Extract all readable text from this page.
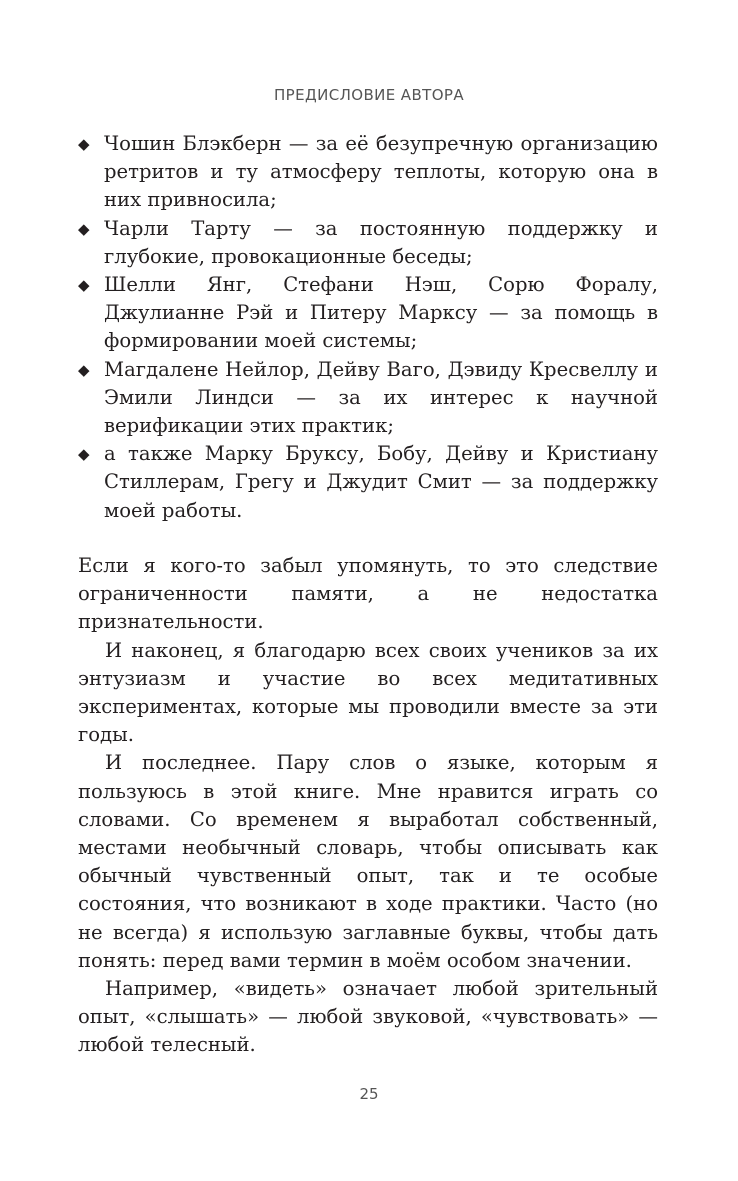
ПРЕДИСЛОВИЕ АВТОРА
◆ Чошин Блэкберн — за её безупречную организацию ретритов и ту атмосферу теплоты, которую она в них привносила;
◆ Чарли Тарту — за постоянную поддержку и глубокие, провокационные беседы;
◆ Шелли Янг, Стефани Нэш, Сорю Форалу, Джулианне Рэй и Питеру Марксу — за помощь в формировании моей системы;
◆ Магдалене Нейлор, Дейву Ваго, Дэвиду Кресвеллу и Эмили Линдси — за их интерес к научной верификации этих практик;
◆ а также Марку Бруксу, Бобу, Дейву и Кристиану Стиллерам, Грегу и Джудит Смит — за поддержку моей работы.

Если я кого-то забыл упомянуть, то это следствие ограниченности памяти, а не недостатка признательности.

И наконец, я благодарю всех своих учеников за их энтузиазм и участие во всех медитативных экспериментах, которые мы проводили вместе за эти годы.

И последнее. Пару слов о языке, которым я пользуюсь в этой книге. Мне нравится играть со словами. Со временем я выработал собственный, местами необычный словарь, чтобы описывать как обычный чувственный опыт, так и те особые состояния, что возникают в ходе практики. Часто (но не всегда) я использую заглавные буквы, чтобы дать понять: перед вами термин в моём особом значении.

Например, «видеть» означает любой зрительный опыт, «слышать» — любой звуковой, «чувствовать» — любой телесный.

25
